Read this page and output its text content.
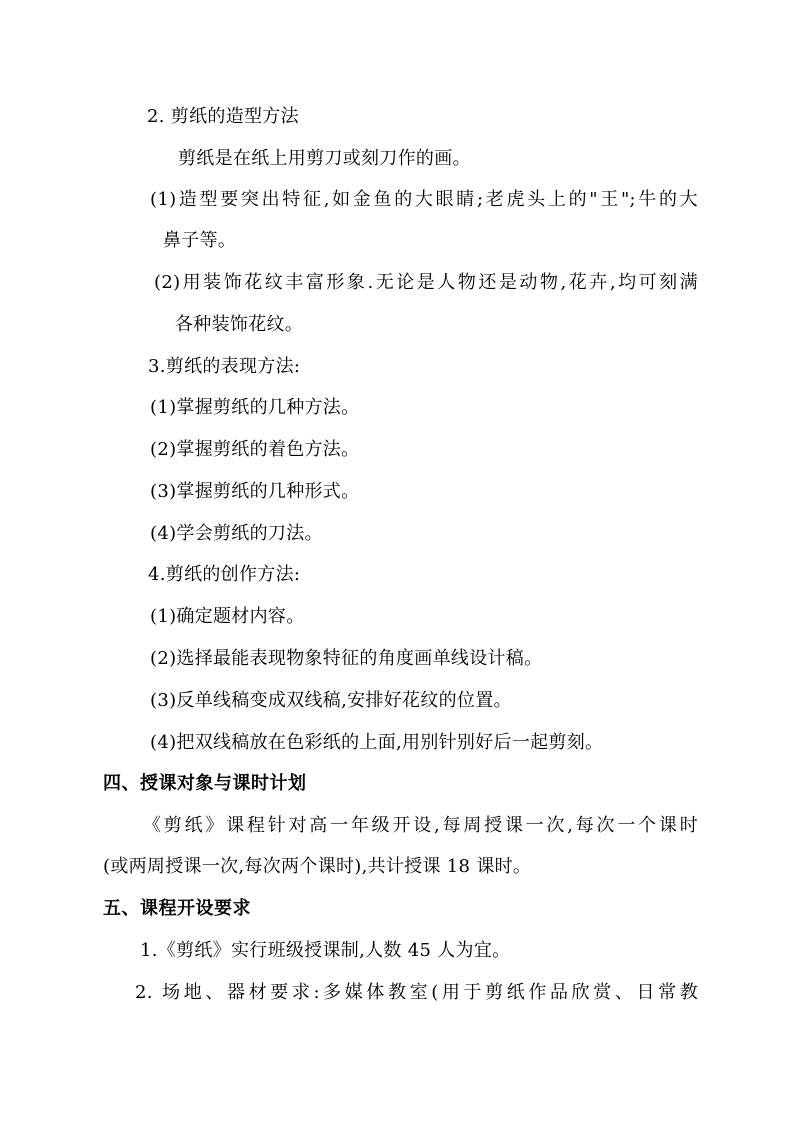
2. 剪纸的造型方法
剪纸是在纸上用剪刀或刻刀作的画。
(1)造型要突出特征,如金鱼的大眼睛;老虎头上的"王";牛的大
鼻子等。
(2)用装饰花纹丰富形象.无论是人物还是动物,花卉,均可刻满
各种装饰花纹。
3.剪纸的表现方法:
(1)掌握剪纸的几种方法。
(2)掌握剪纸的着色方法。
(3)掌握剪纸的几种形式。
(4)学会剪纸的刀法。
4.剪纸的创作方法:
(1)确定题材内容。
(2)选择最能表现物象特征的角度画单线设计稿。
(3)反单线稿变成双线稿,安排好花纹的位置。
(4)把双线稿放在色彩纸的上面,用别针别好后一起剪刻。
四、授课对象与课时计划
《剪纸》课程针对高一年级开设,每周授课一次,每次一个课时
(或两周授课一次,每次两个课时),共计授课 18 课时。
五、课程开设要求
1.《剪纸》实行班级授课制,人数 45 人为宜。
2. 场地、器材要求:多媒体教室(用于剪纸作品欣赏、日常教
